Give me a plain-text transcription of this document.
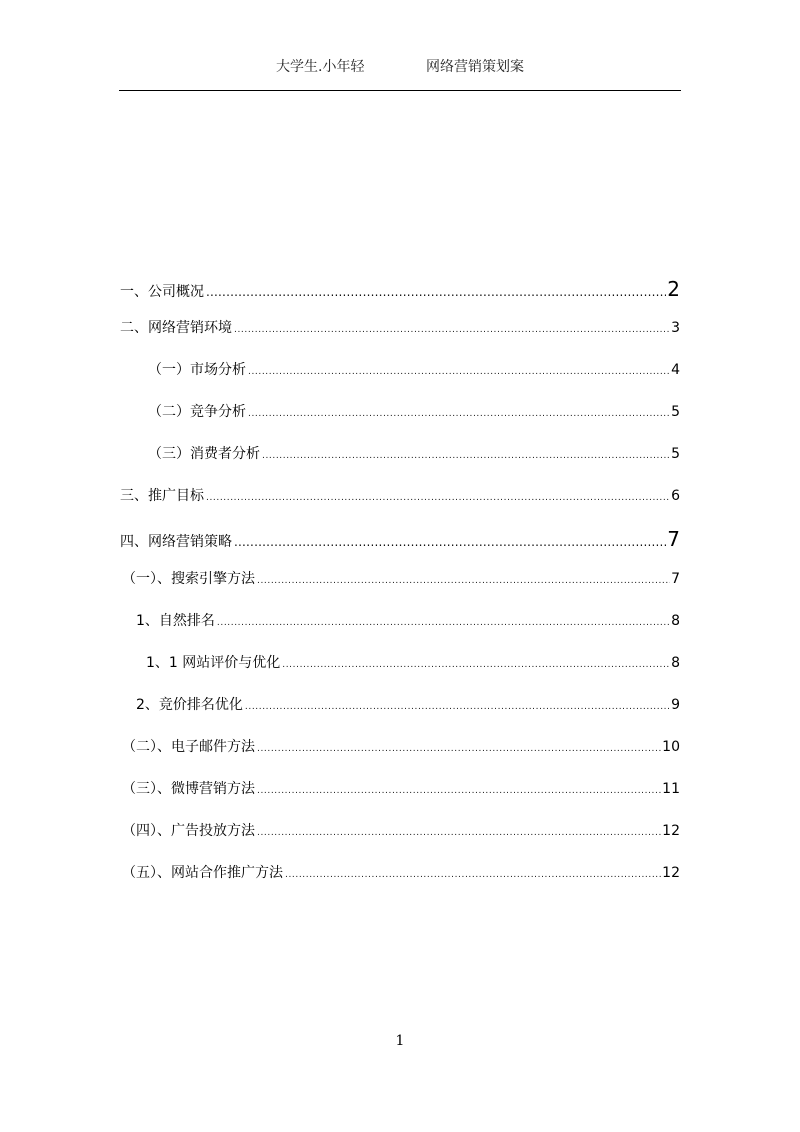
大学生.小年轻	网络营销策划案
一、公司概况 .....	2
二、网络营销环境 .....	3
（一）市场分析 .....	4
（二）竞争分析 .....	5
（三）消费者分析 .....	5
三、推广目标 .....	6
四、网络营销策略 .....	7
（一）、搜索引擎方法 .....	7
1、自然排名 .....	8
1、1 网站评价与优化 .....	8
2、竞价排名优化 .....	9
（二）、电子邮件方法 .....	10
（三）、微博营销方法 .....	11
（四）、广告投放方法 .....	12
（五）、网站合作推广方法 .....	12
1
